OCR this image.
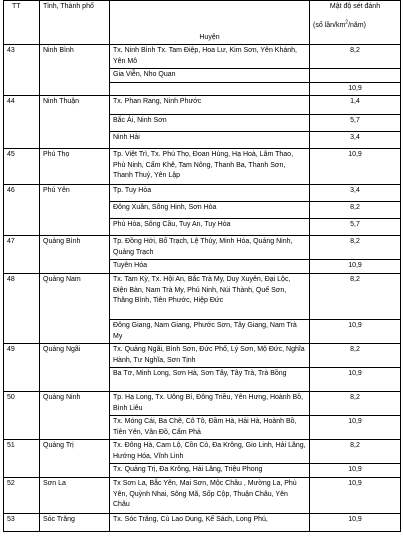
TT	Tỉnh, Thành phố	Huyện	Mật độ sét đánh
(số lần/$km^2/năm$)

43	Ninh Bình	Tx. Ninh Bình Tx. Tam Điệp, Hoa Lư, Kim Sơn, Yên Khánh, Yên Mô	8,2
		Gia Viễn, Nho Quan	
			10,9
44	Ninh Thuận	Tx. Phan Rang, Ninh Phước	1,4
		Bắc Ái, Ninh Sơn	5,7
		Ninh Hải	3,4
45	Phú Thọ	Tp. Việt Trì, Tx. Phú Thọ, Đoan Hùng, Hạ Hoà, Lâm Thao, Phù Ninh, Cẩm Khê, Tam Nông, Thanh Ba, Thanh Sơn, Thanh Thuỷ, Yên Lập	10,9
46	Phú Yên	Tp. Tuy Hòa	3,4
		Đông Xuân, Sông Hinh, Sơn Hòa	8,2
		Phú Hòa, Sông Cầu, Tuy An, Tuy Hòa	5,7
47	Quảng Bình	Tp. Đồng Hới, Bố Trạch, Lệ Thủy, Minh Hóa, Quảng Ninh, Quảng Trạch	8,2
		Tuyên Hóa	10,9
48	Quảng Nam	Tx. Tam Kỳ, Tx. Hội An, Bắc Trà My, Duy Xuyên, Đại Lộc, Điện Bàn, Nam Trà My, Phú Ninh, Núi Thành, Quế Sơn, Thăng Bình, Tiên Phước, Hiệp Đức	8,2
		Đông Giang, Nam Giang, Phước Sơn, Tây Giang, Nam Trà My	10,9
49	Quảng Ngãi	Tx. Quảng Ngãi, Bình Sơn, Đức Phổ, Lý Sơn, Mộ Đức, Nghĩa Hành, Tư Nghĩa, Sơn Tịnh	8,2
		Ba Tơ, Minh Long, Sơn Hà, Sơn Tây, Tây Trà, Trà Bồng	10,9
50	Quảng Ninh	Tp. Hạ Long, Tx. Uông Bí, Đông Triều, Yên Hưng, Hoành Bồ, Bình Liêu	8,2
		Tx. Móng Cái, Ba Chẽ, Cô Tô, Đầm Hà, Hải Hà, Hoành Bồ, Tiên Yên, Vân Đồ, Cẩm Phả	10,9
51	Quảng Trị	Tx. Đông Hà, Cam Lộ, Cồn Cỏ, Đa Krông, Gio Linh, Hải Lăng, Hướng Hóa, Vĩnh Linh	8,2
		Tx. Quảng Trị, Đa Krông, Hải Lăng, Triệu Phong	10,9
52	Sơn La	Tx Sơn La, Bắc Yên, Mai Sơn, Mộc Châu , Mường La, Phù Yên, Quỳnh Nhai, Sông Mã, Sốp Cộp, Thuận Châu, Yên Châu	10,9
53	Sóc Trăng	Tx. Sóc Trăng, Cù Lao Dung, Kế Sách, Long Phú,	10,9
